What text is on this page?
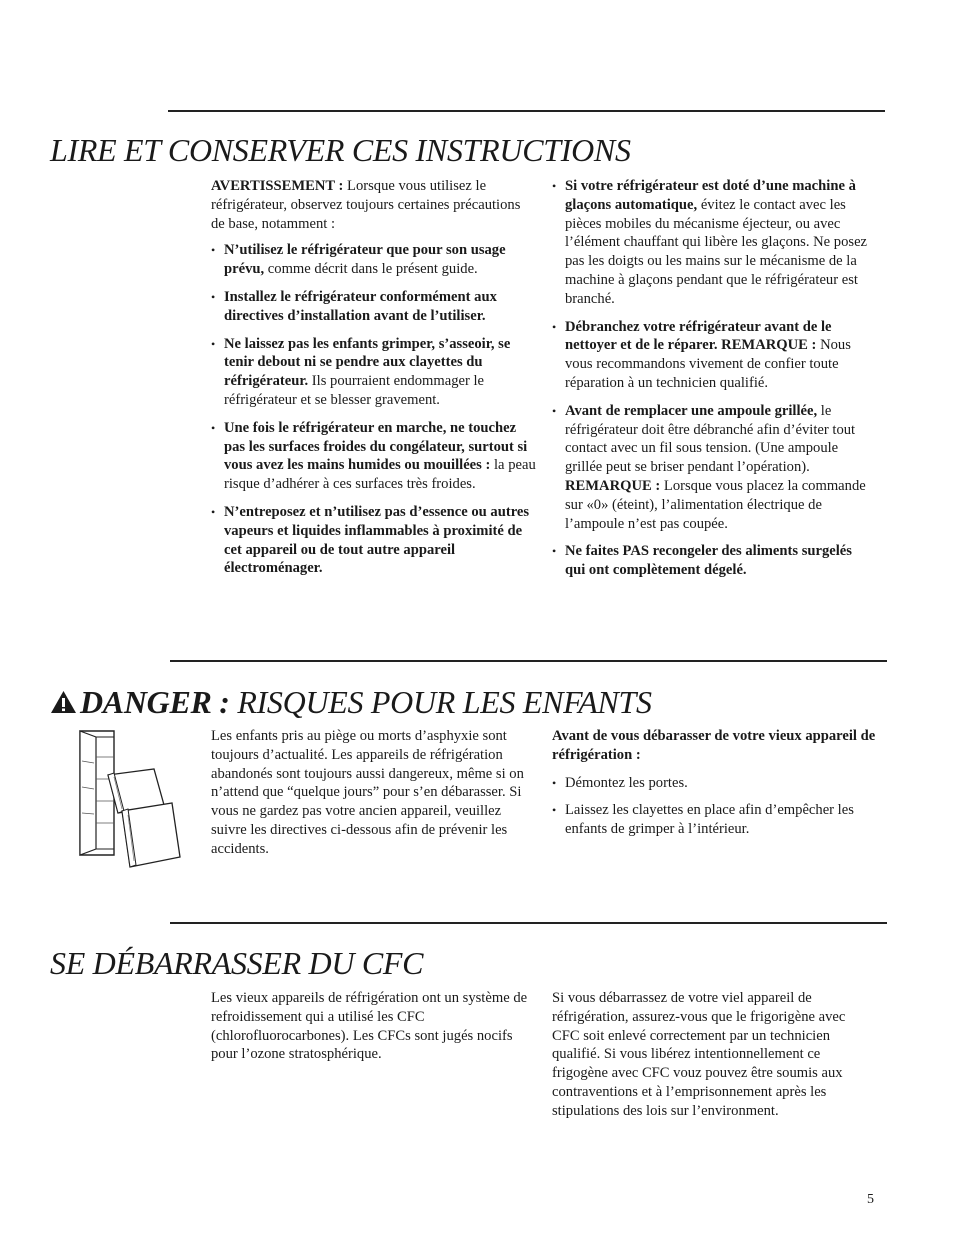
LIRE ET CONSERVER CES INSTRUCTIONS

AVERTISSEMENT : Lorsque vous utilisez le réfrigérateur, observez toujours certaines précautions de base, notamment :

• N’utilisez le réfrigérateur que pour son usage prévu, comme décrit dans le présent guide.
• Installez le réfrigérateur conformément aux directives d’installation avant de l’utiliser.
• Ne laissez pas les enfants grimper, s’asseoir, se tenir debout ni se pendre aux clayettes du réfrigérateur. Ils pourraient endommager le réfrigérateur et se blesser gravement.
• Une fois le réfrigérateur en marche, ne touchez pas les surfaces froides du congélateur, surtout si vous avez les mains humides ou mouillées : la peau risque d’adhérer à ces surfaces très froides.
• N’entreposez et n’utilisez pas d’essence ou autres vapeurs et liquides inflammables à proximité de cet appareil ou de tout autre appareil électroménager.
• Si votre réfrigérateur est doté d’une machine à glaçons automatique, évitez le contact avec les pièces mobiles du mécanisme éjecteur, ou avec l’élément chauffant qui libère les glaçons. Ne posez pas les doigts ou les mains sur le mécanisme de la machine à glaçons pendant que le réfrigérateur est branché.
• Débranchez votre réfrigérateur avant de le nettoyer et de le réparer. REMARQUE : Nous vous recommandons vivement de confier toute réparation à un technicien qualifié.
• Avant de remplacer une ampoule grillée, le réfrigérateur doit être débranché afin d’éviter tout contact avec un fil sous tension. (Une ampoule grillée peut se briser pendant l’opération). REMARQUE : Lorsque vous placez la commande sur «0» (éteint), l’alimentation électrique de l’ampoule n’est pas coupée.
• Ne faites PAS recongeler des aliments surgelés qui ont complètement dégelé.
DANGER : RISQUES POUR LES ENFANTS

Les enfants pris au piège ou morts d’asphyxie sont toujours d’actualité. Les appareils de réfrigération abandonés sont toujours aussi dangereux, même si on n’attend que “quelque jours” pour s’en débarasser. Si vous ne gardez pas votre ancien appareil, veuillez suivre les directives ci-dessous afin de prévenir les accidents.

Avant de vous débarasser de votre vieux appareil de réfrigération :

• Démontez les portes.
• Laissez les clayettes en place afin d’empêcher les enfants de grimper à l’intérieur.
SE DÉBARRASSER DU CFC

Les vieux appareils de réfrigération ont un système de refroidissement qui a utilisé les CFC (chlorofluorocarbones). Les CFCs sont jugés nocifs pour l’ozone stratosphérique.

Si vous débarrassez de votre viel appareil de réfrigération, assurez-vous que le frigorigène avec CFC soit enlevé correctement par un technicien qualifié. Si vous libérez intentionnellement ce frigogène avec CFC vouz pouvez être soumis aux contraventions et à l’emprisonnement après les stipulations des lois sur l’environment.

5
